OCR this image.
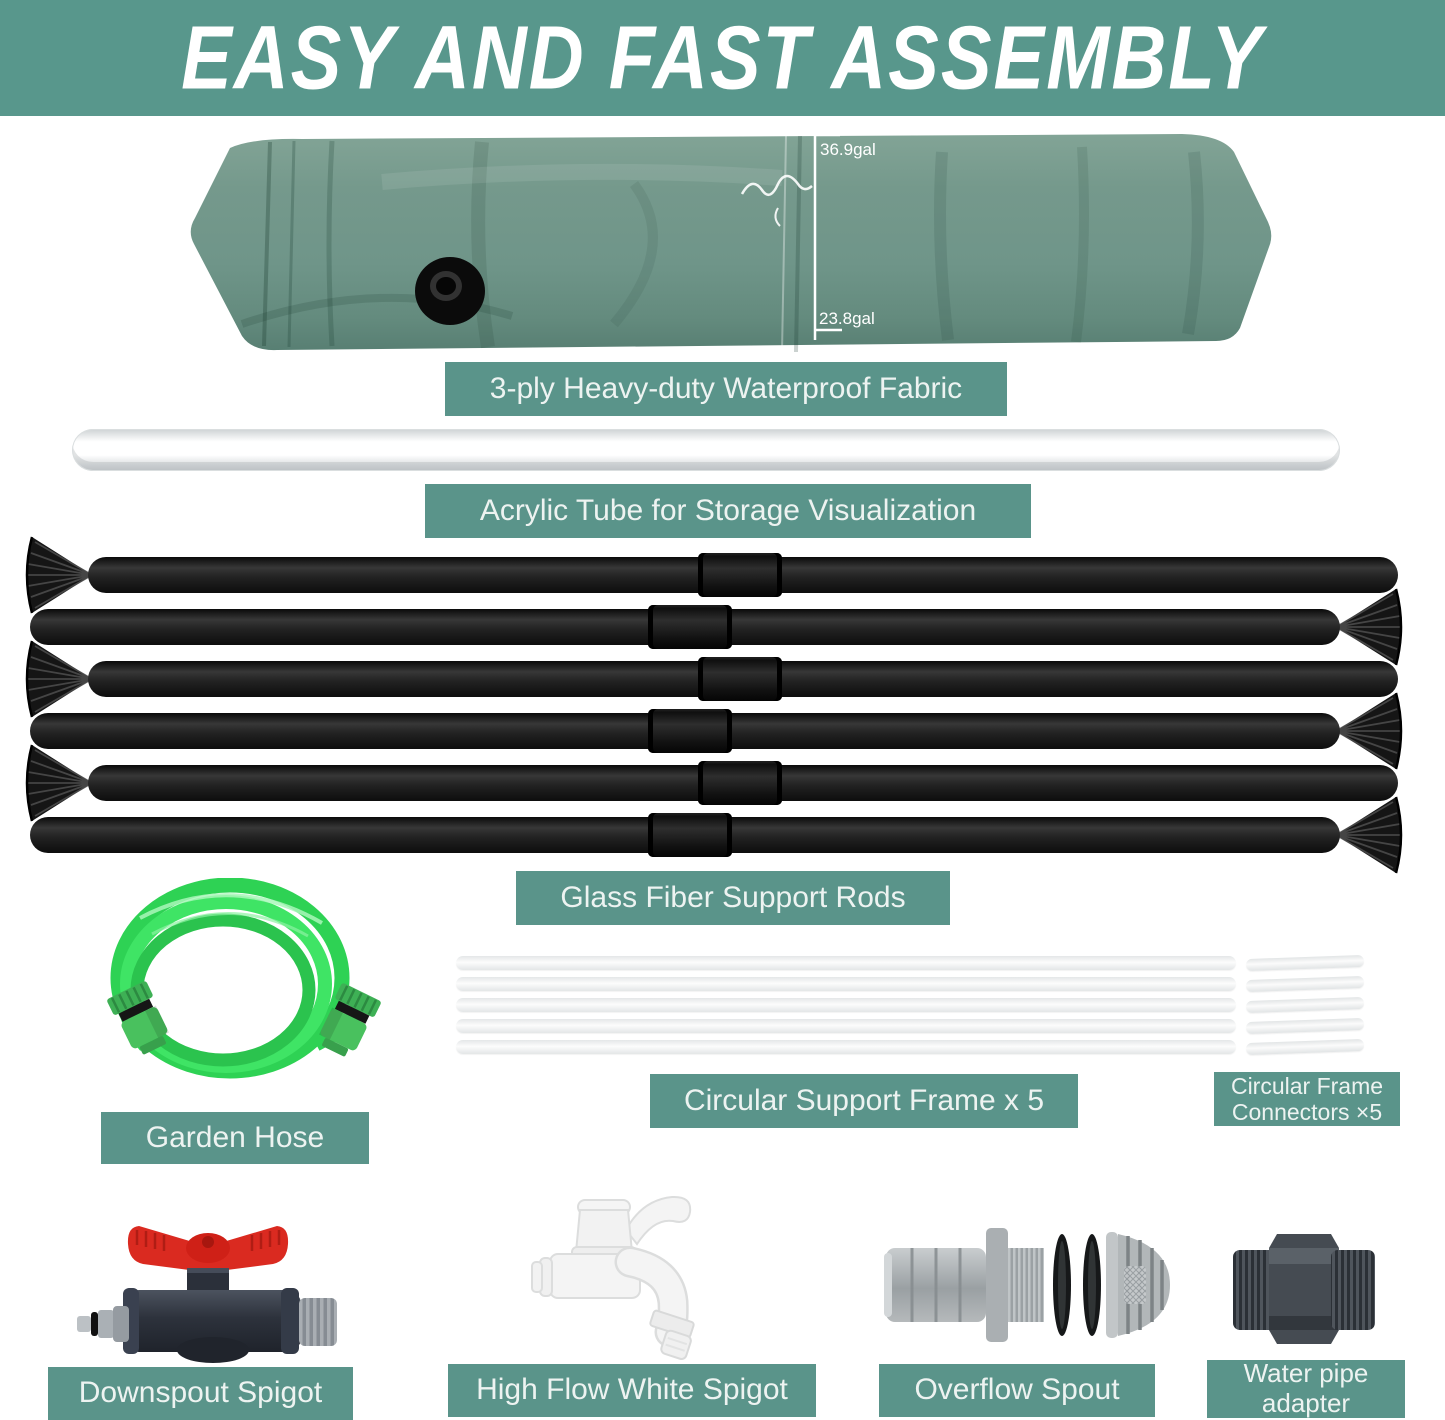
EASY AND FAST ASSEMBLY
36.9gal
23.8gal
3-ply Heavy-duty Waterproof Fabric
Acrylic Tube for Storage Visualization
Glass Fiber Support Rods
Garden Hose
Circular Support Frame x 5	Circular Frame Connectors ×5
Downspout Spigot	High Flow White Spigot	Overflow Spout
Water pipe adapter
